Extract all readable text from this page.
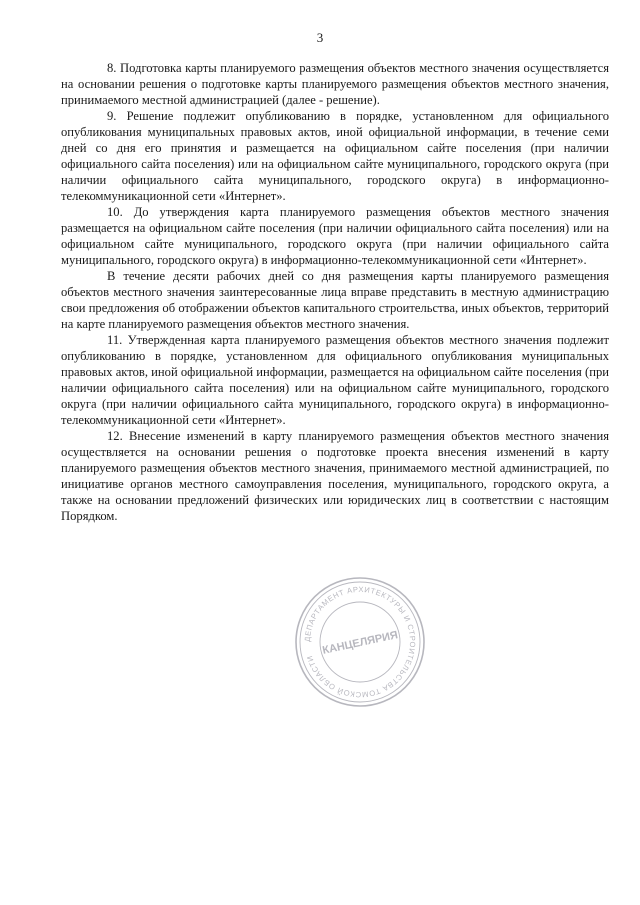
3

8. Подготовка карты планируемого размещения объектов местного значения осуществляется на основании решения о подготовке карты планируемого размещения объектов местного значения, принимаемого местной администрацией (далее - решение).

9. Решение подлежит опубликованию в порядке, установленном для официального опубликования муниципальных правовых актов, иной официальной информации, в течение семи дней со дня его принятия и размещается на официальном сайте поселения (при наличии официального сайта поселения) или на официальном сайте муниципального, городского округа (при наличии официального сайта муниципального, городского округа) в информационно-телекоммуникационной сети «Интернет».

10. До утверждения карта планируемого размещения объектов местного значения размещается на официальном сайте поселения (при наличии официального сайта поселения) или на официальном сайте муниципального, городского округа (при наличии официального сайта муниципального, городского округа) в информационно-телекоммуникационной сети «Интернет».

В течение десяти рабочих дней со дня размещения карты планируемого размещения объектов местного значения заинтересованные лица вправе представить в местную администрацию свои предложения об отображении объектов капитального строительства, иных объектов, территорий на карте планируемого размещения объектов местного значения.

11. Утвержденная карта планируемого размещения объектов местного значения подлежит опубликованию в порядке, установленном для официального опубликования муниципальных правовых актов, иной официальной информации, размещается на официальном сайте поселения (при наличии официального сайта поселения) или на официальном сайте муниципального, городского округа (при наличии официального сайта муниципального, городского округа) в информационно-телекоммуникационной сети «Интернет».

12. Внесение изменений в карту планируемого размещения объектов местного значения осуществляется на основании решения о подготовке проекта внесения изменений в карту планируемого размещения объектов местного значения, принимаемого местной администрацией, по инициативе органов местного самоуправления поселения, муниципального, городского округа, а также на основании предложений физических или юридических лиц в соответствии с настоящим Порядком.

ДЕПАРТАМЕНТ АРХИТЕКТУРЫ И СТРОИТЕЛЬСТВА ТОМСКОЙ ОБЛАСТИ
КАНЦЕЛЯРИЯ
